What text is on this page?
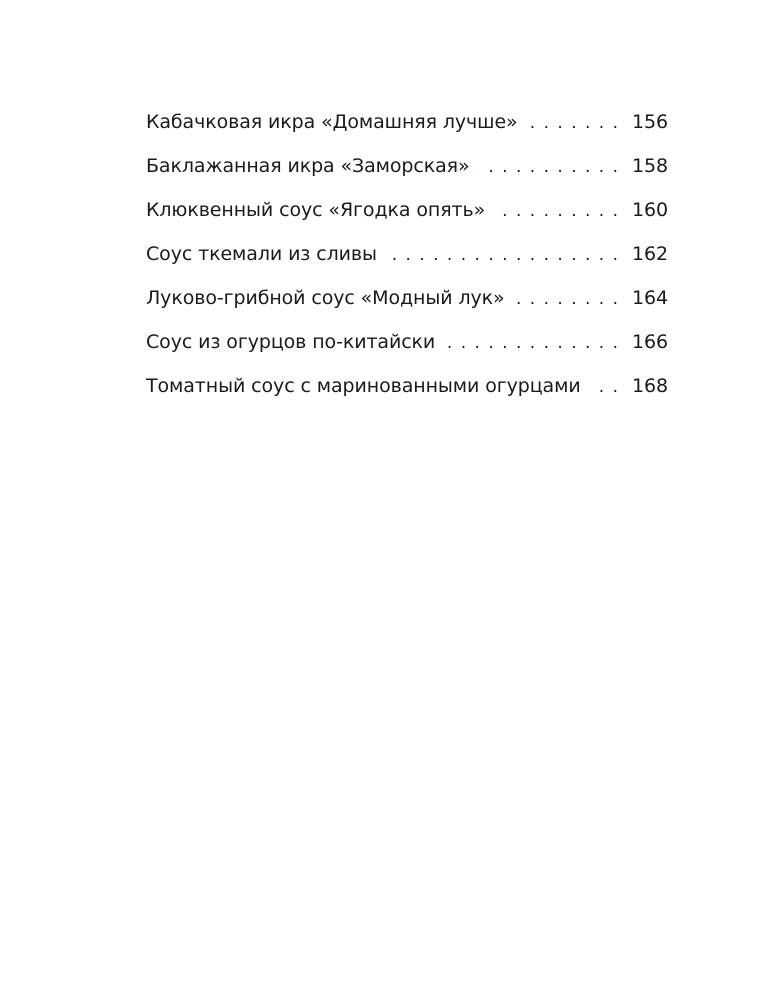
Кабачковая икра «Домашняя лучше» . . .	156
Баклажанная икра «Заморская» . . .	158
Клюквенный соус «Ягодка опять» . . .	160
Соус ткемали из сливы . . .	162
Луково-грибной соус «Модный лук» . . .	164
Соус из огурцов по-китайски . . .	166
Томатный соус с маринованными огурцами . . .	168
